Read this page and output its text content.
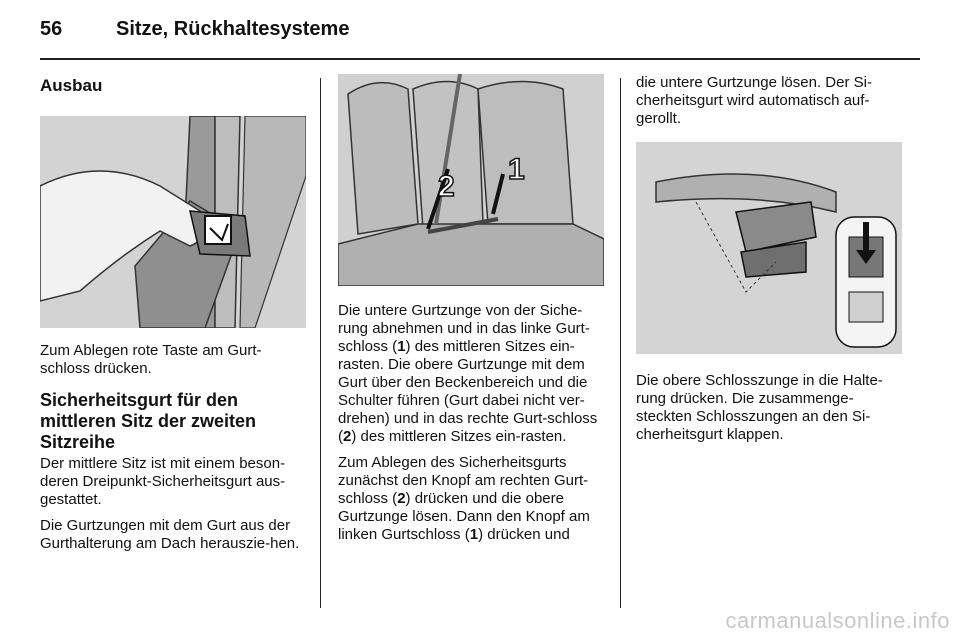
56	Sitze, Rückhaltesysteme
Ausbau

Zum Ablegen rote Taste am Gurt-schloss drücken.

Sicherheitsgurt für den mittleren Sitz der zweiten Sitzreihe

Der mittlere Sitz ist mit einem beson-deren Dreipunkt-Sicherheitsgurt aus-gestattet.

Die Gurtzungen mit dem Gurt aus der Gurthalterung am Dach herauszie-hen.

2
1

Die untere Gurtzunge von der Siche-rung abnehmen und in das linke Gurt-schloss (1) des mittleren Sitzes ein-rasten. Die obere Gurtzunge mit dem Gurt über den Beckenbereich und die Schulter führen (Gurt dabei nicht ver-drehen) und in das rechte Gurt-schloss (2) des mittleren Sitzes ein-rasten.

Zum Ablegen des Sicherheitsgurts zunächst den Knopf am rechten Gurt-schloss (2) drücken und die obere Gurtzunge lösen. Dann den Knopf am linken Gurtschloss (1) drücken und

die untere Gurtzunge lösen. Der Si-cherheitsgurt wird automatisch auf-gerollt.

Die obere Schlosszunge in die Halte-rung drücken. Die zusammenge-steckten Schlosszungen an den Si-cherheitsgurt klappen.

carmanualsonline.info
